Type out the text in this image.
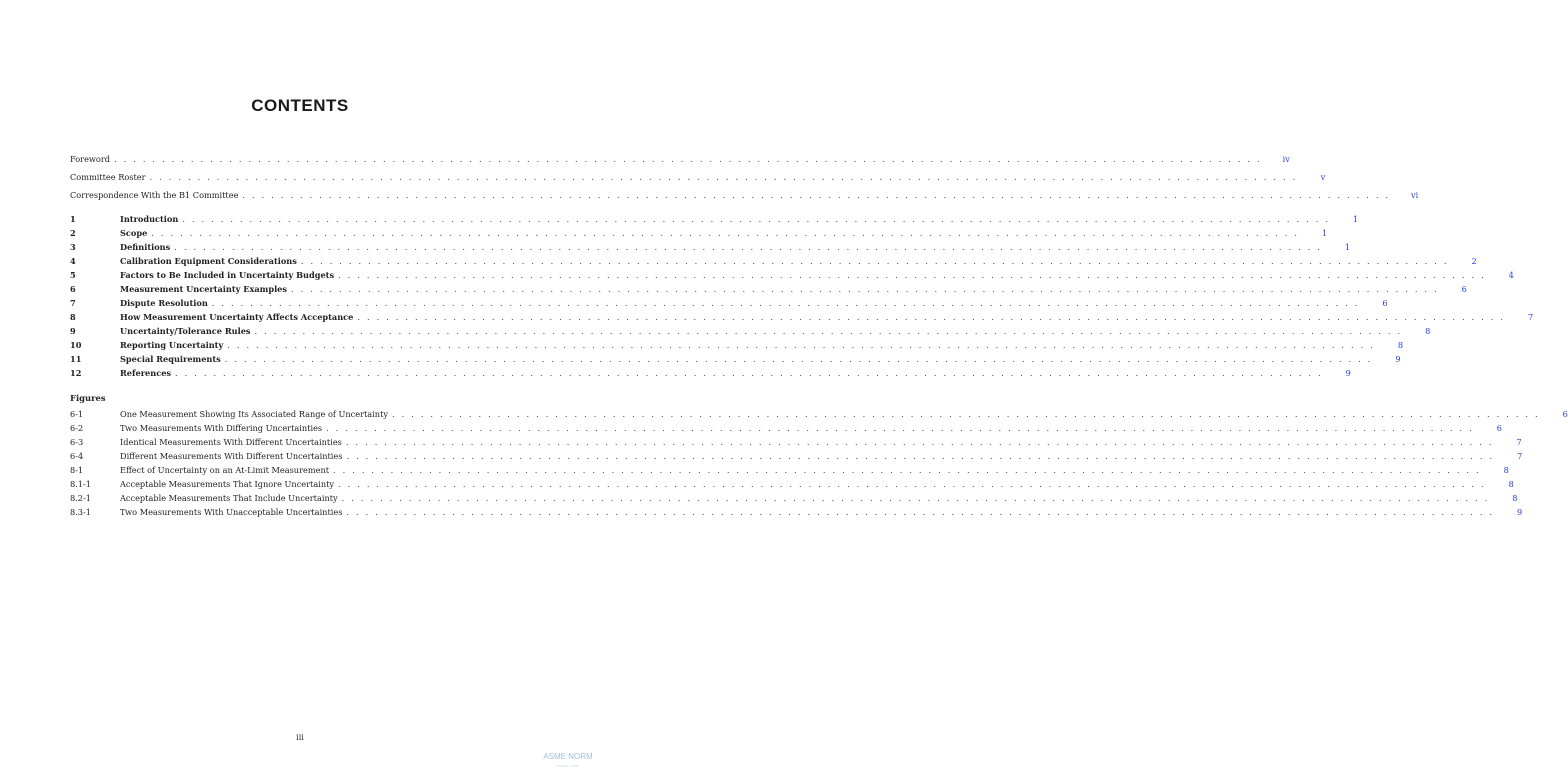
CONTENTS
Foreword . . . . . . . . . . . . . . . . . . . . . . . . . . . . . . . . . . . . . . . . . . . . . . . . . . . . . . . . . . . . . . . . . . . . . . . . . . . . . . . . . . . . . . . . . . . . . . . . . . . . . . . . . . . . . . . . . . . . . . . .	iv
Committee Roster . . . . . . . . . . . . . . . . . . . . . . . . . . . . . . . . . . . . . . . . . . . . . . . . . . . . . . . . . . . . . . . . . . . . . . . . . . . . . . . . . . . . . . . . . . . . . . . . . . . . . . . . . . . . . . . . . . . . . . . .	v
Correspondence With the B1 Committee . . . . . . . . . . . . . . . . . . . . . . . . . . . . . . . . . . . . . . . . . . . . . . . . . . . . . . . . . . . . . . . . . . . . . . . . . . . . . . . . . . . . . . . . . . . . . . . . . . . . . . . . . . . . . . . . . . . . . . . .	vi
1	Introduction . . . . . . . . . . . . . . . . . . . . . . . . . . . . . . . . . . . . . . . . . . . . . . . . . . . . . . . . . . . . . . . . . . . . . . . . . . . . . . . . . . . . . . . . . . . . . . . . . . . . . . . . . . . . . . . . . . . . . . . .	1
2	Scope . . . . . . . . . . . . . . . . . . . . . . . . . . . . . . . . . . . . . . . . . . . . . . . . . . . . . . . . . . . . . . . . . . . . . . . . . . . . . . . . . . . . . . . . . . . . . . . . . . . . . . . . . . . . . . . . . . . . . . . .	1
3	Definitions . . . . . . . . . . . . . . . . . . . . . . . . . . . . . . . . . . . . . . . . . . . . . . . . . . . . . . . . . . . . . . . . . . . . . . . . . . . . . . . . . . . . . . . . . . . . . . . . . . . . . . . . . . . . . . . . . . . . . . . .	1
4	Calibration Equipment Considerations . . . . . . . . . . . . . . . . . . . . . . . . . . . . . . . . . . . . . . . . . . . . . . . . . . . . . . . . . . . . . . . . . . . . . . . . . . . . . . . . . . . . . . . . . . . . . . . . . . . . . . . . . . . . . . . . . . . . . . . .	2
5	Factors to Be Included in Uncertainty Budgets . . . . . . . . . . . . . . . . . . . . . . . . . . . . . . . . . . . . . . . . . . . . . . . . . . . . . . . . . . . . . . . . . . . . . . . . . . . . . . . . . . . . . . . . . . . . . . . . . . . . . . . . . . . . . . . . . . . . . . . .	4
6	Measurement Uncertainty Examples . . . . . . . . . . . . . . . . . . . . . . . . . . . . . . . . . . . . . . . . . . . . . . . . . . . . . . . . . . . . . . . . . . . . . . . . . . . . . . . . . . . . . . . . . . . . . . . . . . . . . . . . . . . . . . . . . . . . . . . .	6
7	Dispute Resolution . . . . . . . . . . . . . . . . . . . . . . . . . . . . . . . . . . . . . . . . . . . . . . . . . . . . . . . . . . . . . . . . . . . . . . . . . . . . . . . . . . . . . . . . . . . . . . . . . . . . . . . . . . . . . . . . . . . . . . . .	6
8	How Measurement Uncertainty Affects Acceptance . . . . . . . . . . . . . . . . . . . . . . . . . . . . . . . . . . . . . . . . . . . . . . . . . . . . . . . . . . . . . . . . . . . . . . . . . . . . . . . . . . . . . . . . . . . . . . . . . . . . . . . . . . . . . . . . . . . . . . . .	7
9	Uncertainty/Tolerance Rules . . . . . . . . . . . . . . . . . . . . . . . . . . . . . . . . . . . . . . . . . . . . . . . . . . . . . . . . . . . . . . . . . . . . . . . . . . . . . . . . . . . . . . . . . . . . . . . . . . . . . . . . . . . . . . . . . . . . . . . .	8
10	Reporting Uncertainty . . . . . . . . . . . . . . . . . . . . . . . . . . . . . . . . . . . . . . . . . . . . . . . . . . . . . . . . . . . . . . . . . . . . . . . . . . . . . . . . . . . . . . . . . . . . . . . . . . . . . . . . . . . . . . . . . . . . . . . .	8
11	Special Requirements . . . . . . . . . . . . . . . . . . . . . . . . . . . . . . . . . . . . . . . . . . . . . . . . . . . . . . . . . . . . . . . . . . . . . . . . . . . . . . . . . . . . . . . . . . . . . . . . . . . . . . . . . . . . . . . . . . . . . . . .	9
12	References . . . . . . . . . . . . . . . . . . . . . . . . . . . . . . . . . . . . . . . . . . . . . . . . . . . . . . . . . . . . . . . . . . . . . . . . . . . . . . . . . . . . . . . . . . . . . . . . . . . . . . . . . . . . . . . . . . . . . . . .	9
Figures
6-1	One Measurement Showing Its Associated Range of Uncertainty . . . . . . . . . . . . . . . . . . . . . . . . . . . . . . . . . . . . . . . . . . . . . . . . . . . . . . . . . . . . . . . . . . . . . . . . . . . . . . . . . . . . . . . . . . . . . . . . . . . . . . . . . . . . . . . . . . . . . . . .	6
6-2	Two Measurements With Differing Uncertainties . . . . . . . . . . . . . . . . . . . . . . . . . . . . . . . . . . . . . . . . . . . . . . . . . . . . . . . . . . . . . . . . . . . . . . . . . . . . . . . . . . . . . . . . . . . . . . . . . . . . . . . . . . . . . . . . . . . . . . . .	6
6-3	Identical Measurements With Different Uncertainties . . . . . . . . . . . . . . . . . . . . . . . . . . . . . . . . . . . . . . . . . . . . . . . . . . . . . . . . . . . . . . . . . . . . . . . . . . . . . . . . . . . . . . . . . . . . . . . . . . . . . . . . . . . . . . . . . . . . . . . .	7
6-4	Different Measurements With Different Uncertainties . . . . . . . . . . . . . . . . . . . . . . . . . . . . . . . . . . . . . . . . . . . . . . . . . . . . . . . . . . . . . . . . . . . . . . . . . . . . . . . . . . . . . . . . . . . . . . . . . . . . . . . . . . . . . . . . . . . . . . . .	7
8-1	Effect of Uncertainty on an At-Limit Measurement . . . . . . . . . . . . . . . . . . . . . . . . . . . . . . . . . . . . . . . . . . . . . . . . . . . . . . . . . . . . . . . . . . . . . . . . . . . . . . . . . . . . . . . . . . . . . . . . . . . . . . . . . . . . . . . . . . . . . . . .	8
8.1-1	Acceptable Measurements That Ignore Uncertainty . . . . . . . . . . . . . . . . . . . . . . . . . . . . . . . . . . . . . . . . . . . . . . . . . . . . . . . . . . . . . . . . . . . . . . . . . . . . . . . . . . . . . . . . . . . . . . . . . . . . . . . . . . . . . . . . . . . . . . . .	8
8.2-1	Acceptable Measurements That Include Uncertainty . . . . . . . . . . . . . . . . . . . . . . . . . . . . . . . . . . . . . . . . . . . . . . . . . . . . . . . . . . . . . . . . . . . . . . . . . . . . . . . . . . . . . . . . . . . . . . . . . . . . . . . . . . . . . . . . . . . . . . . .	8
8.3-1	Two Measurements With Unacceptable Uncertainties . . . . . . . . . . . . . . . . . . . . . . . . . . . . . . . . . . . . . . . . . . . . . . . . . . . . . . . . . . . . . . . . . . . . . . . . . . . . . . . . . . . . . . . . . . . . . . . . . . . . . . . . . . . . . . . . . . . . . . . .	9
iii
ASME NORM
norm.com
